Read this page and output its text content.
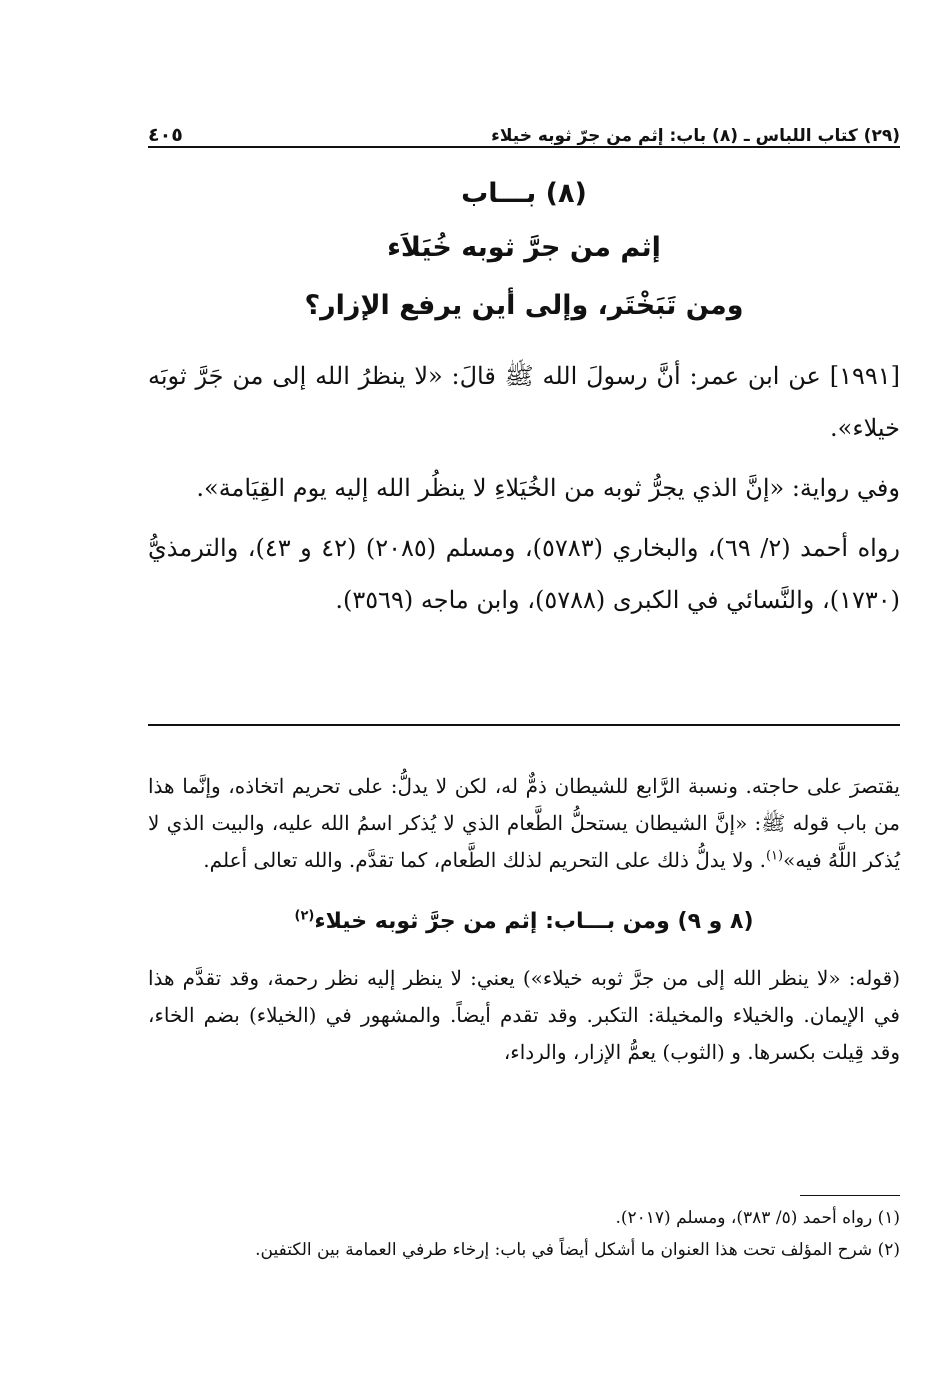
٤٠٥	(٢٩) كتاب اللباس ـ (٨) باب: إثم من جرّ ثوبه خيلاء
(٨) بـــاب
إثم من جرَّ ثوبه خُيَلاَء
ومن تَبَخْتَر، وإلى أين يرفع الإزار؟

[١٩٩١] عن ابن عمر: أنَّ رسولَ الله ﷺ قالَ: «لا ينظرُ الله إلى من جَرَّ ثوبَه خيلاء».

وفي رواية: «إنَّ الذي يجرُّ ثوبه من الخُيَلاءِ لا ينظُر الله إليه يوم القِيَامة».

رواه أحمد (٢/ ٦٩)، والبخاري (٥٧٨٣)، ومسلم (٢٠٨٥) (٤٢ و ٤٣)، والترمذيُّ (١٧٣٠)، والنَّسائي في الكبرى (٥٧٨٨)، وابن ماجه (٣٥٦٩).

يقتصرَ على حاجته. ونسبة الرَّابع للشيطان ذمٌّ له، لكن لا يدلُّ: على تحريم اتخاذه، وإنَّما هذا من باب قوله ﷺ: «إنَّ الشيطان يستحلُّ الطَّعام الذي لا يُذكر اسمُ الله عليه، والبيت الذي لا يُذكر اللَّهُ فيه»$^{(١)}$. ولا يدلُّ ذلك على التحريم لذلك الطَّعام، كما تقدَّم. والله تعالى أعلم.

(٨ و ٩) ومن بـــاب: إثم من جرَّ ثوبه خيلاء$^{(٢)}$

(قوله: «لا ينظر الله إلى من جرَّ ثوبه خيلاء») يعني: لا ينظر إليه نظر رحمة، وقد تقدَّم هذا في الإيمان. والخيلاء والمخيلة: التكبر. وقد تقدم أيضاً. والمشهور في (الخيلاء) بضم الخاء، وقد قِيلت بكسرها. و (الثوب) يعمُّ الإزار، والرداء،

(١) رواه أحمد (٥/ ٣٨٣)، ومسلم (٢٠١٧).

(٢) شرح المؤلف تحت هذا العنوان ما أشكل أيضاً في باب: إرخاء طرفي العمامة بين الكتفين.
